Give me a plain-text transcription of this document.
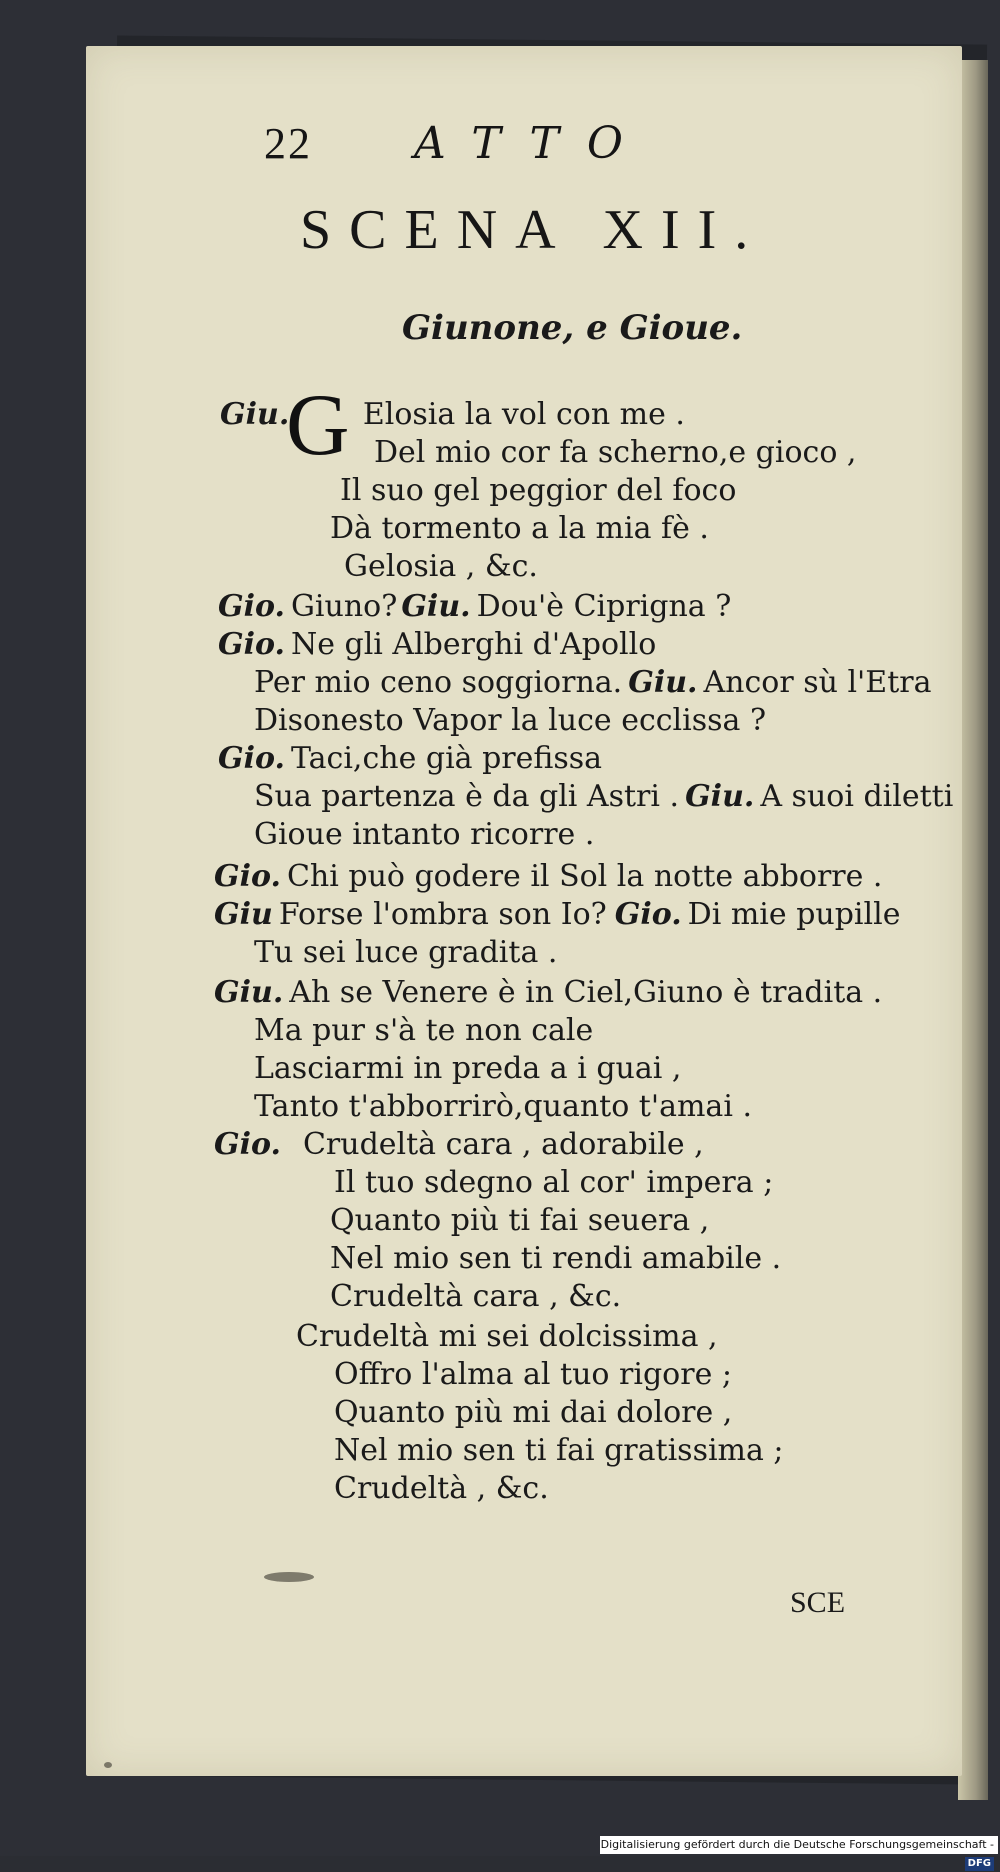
22 ATTO
SCENA XII.
Giunone, e Gioue.
G
Giu. Elosia la vol con me .
Del mio cor fa scherno,e gioco ,
Il suo gel peggior del foco
Dà tormento a la mia fè .
Gelosia , &c.
Gio. Giuno? Giu. Dou'è Ciprigna ?
Gio. Ne gli Alberghi d'Apollo
Per mio ceno soggiorna. Giu. Ancor sù l'Etra
Disonesto Vapor la luce ecclissa ?
Gio. Taci,che già prefissa
Sua partenza è da gli Astri . Giu. A suoi diletti
Gioue intanto ricorre .
Gio. Chi può godere il Sol la notte abborre .
Giu Forse l'ombra son Io? Gio. Di mie pupille
Tu sei luce gradita .
Giu. Ah se Venere è in Ciel,Giuno è tradita .
Ma pur s'à te non cale
Lasciarmi in preda a i guai ,
Tanto t'abborrirò,quanto t'amai .
Gio. Crudeltà cara , adorabile ,
Il tuo sdegno al cor' impera ;
Quanto più ti fai seuera ,
Nel mio sen ti rendi amabile .
Crudeltà cara , &c.
Crudeltà mi sei dolcissima ,
Offro l'alma al tuo rigore ;
Quanto più mi dai dolore ,
Nel mio sen ti fai gratissima ;
Crudeltà , &c.
SCE
Digitalisierung gefördert durch die Deutsche Forschungsgemeinschaft -DFG
